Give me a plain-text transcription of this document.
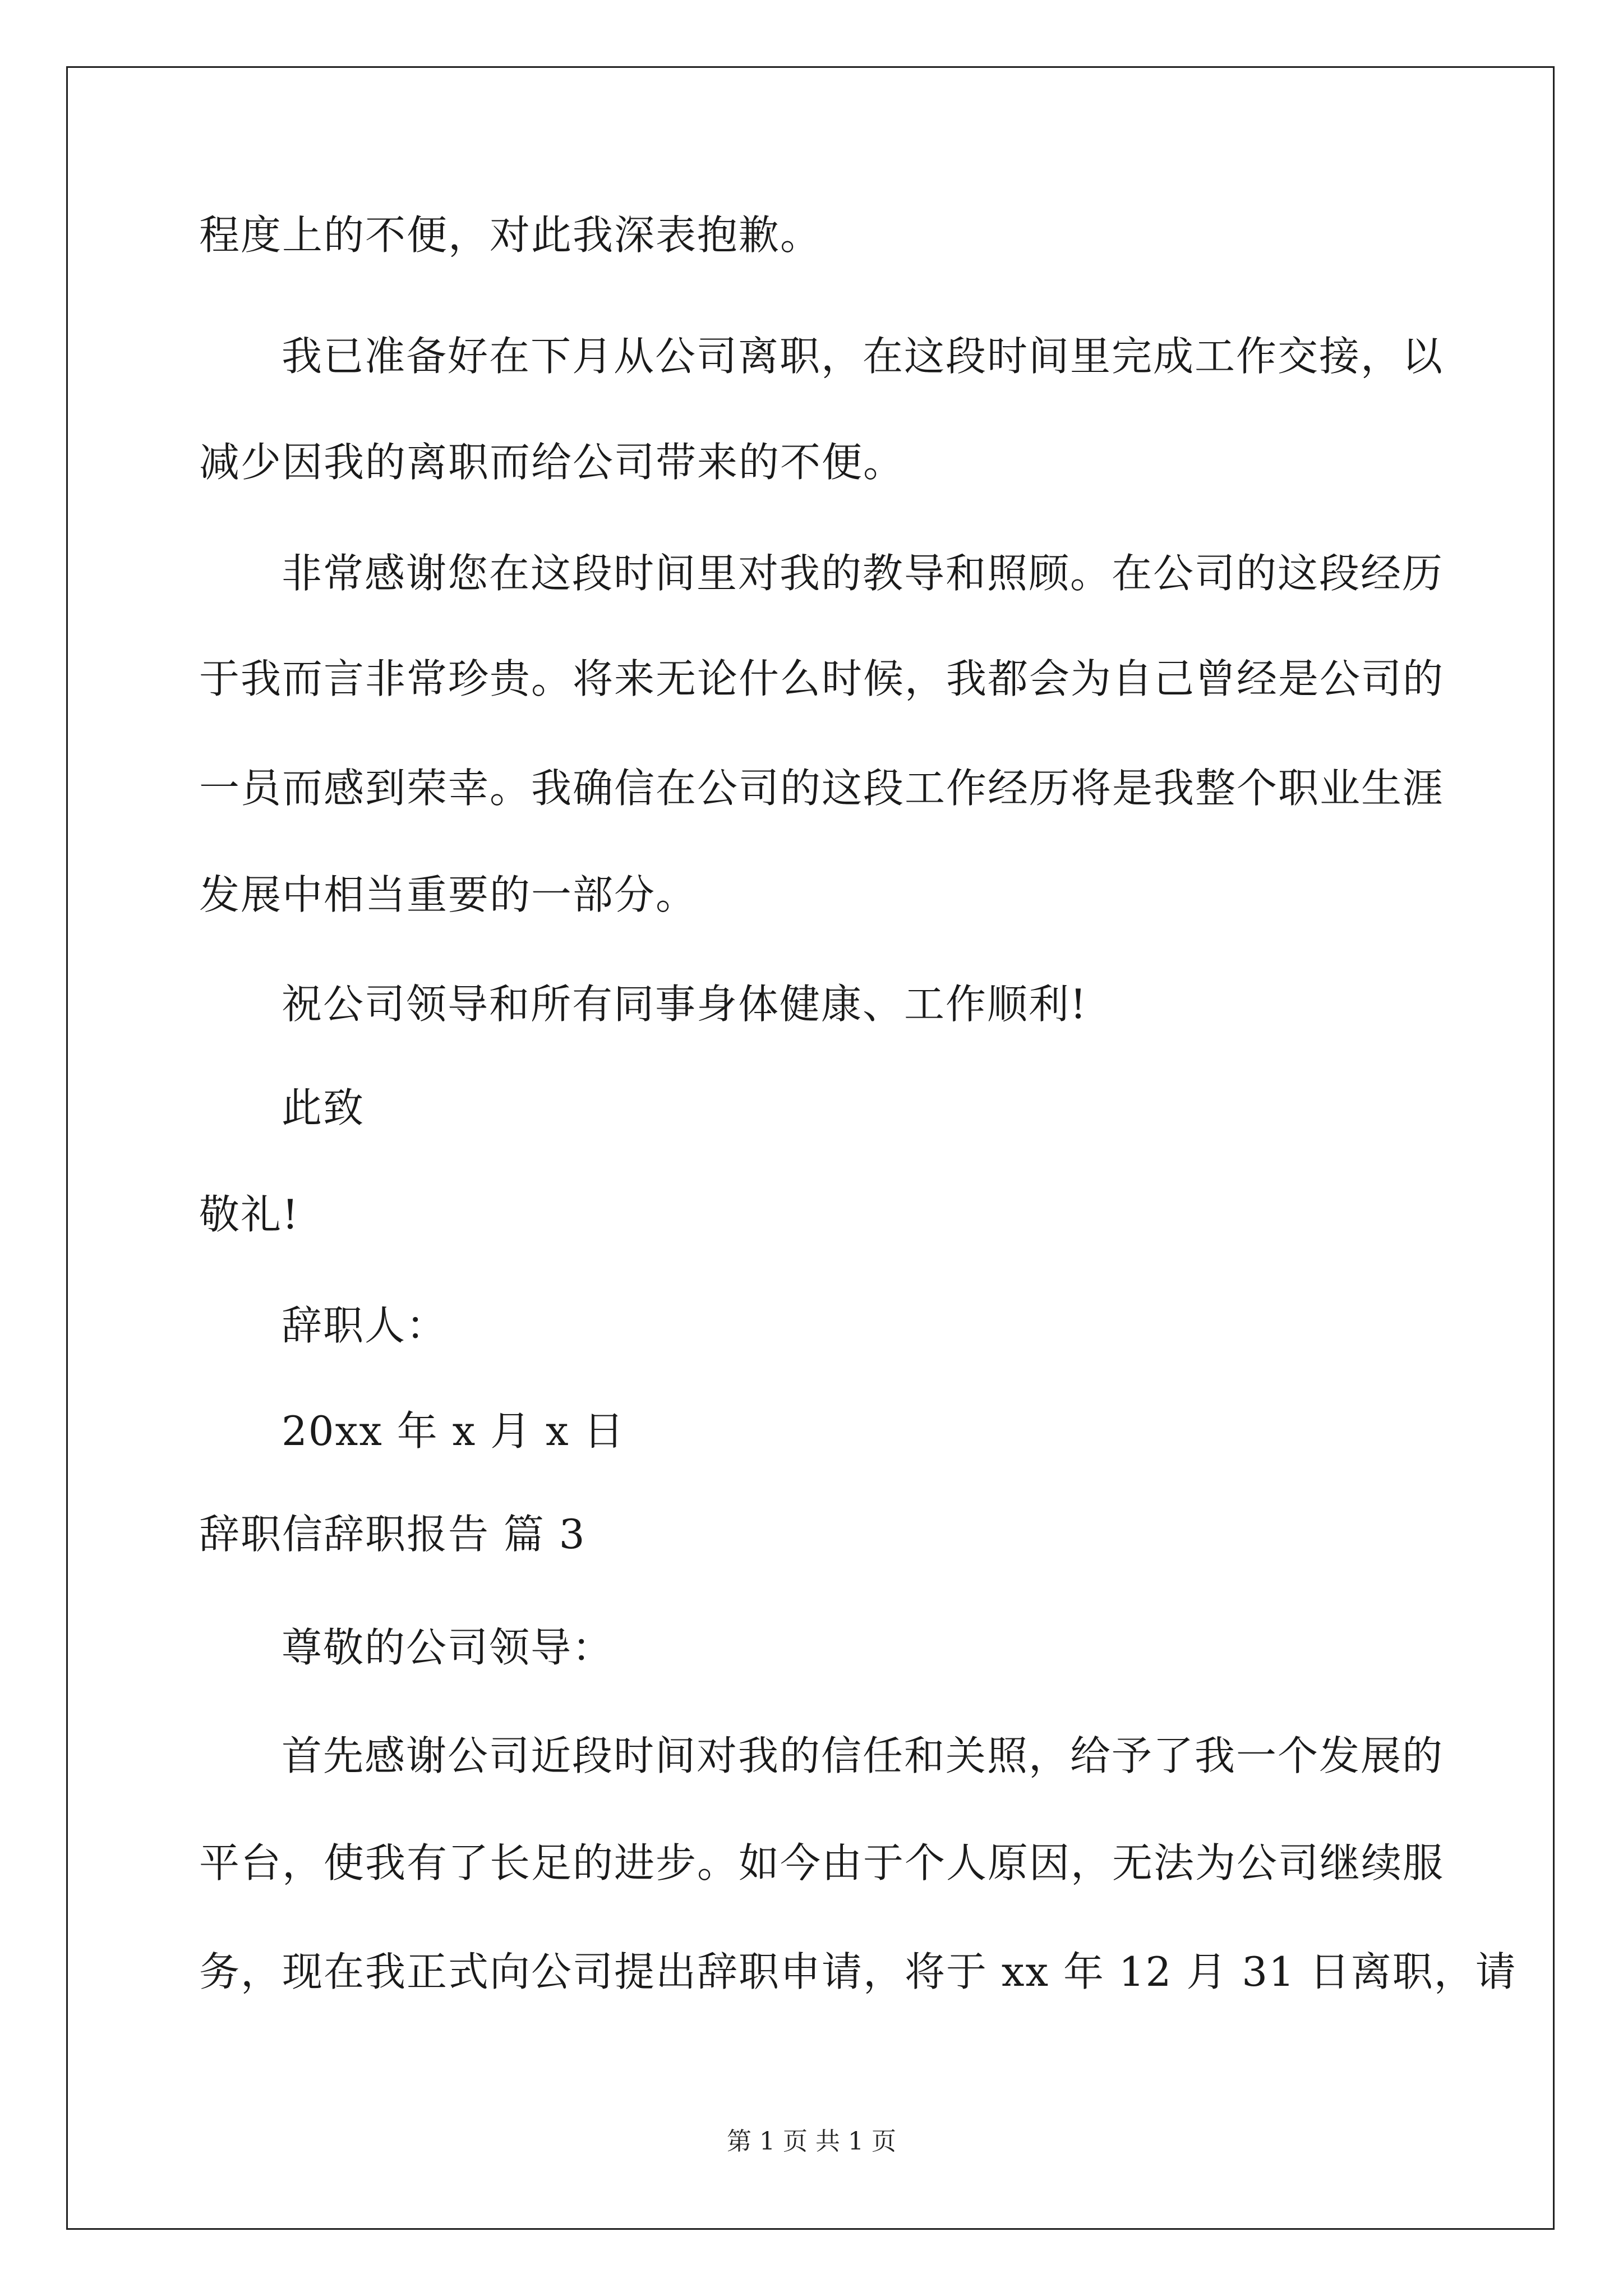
程度上的不便，对此我深表抱歉。
我已准备好在下月从公司离职，在这段时间里完成工作交接，以
减少因我的离职而给公司带来的不便。
非常感谢您在这段时间里对我的教导和照顾。在公司的这段经历
于我而言非常珍贵。将来无论什么时候，我都会为自己曾经是公司的
一员而感到荣幸。我确信在公司的这段工作经历将是我整个职业生涯
发展中相当重要的一部分。
祝公司领导和所有同事身体健康、工作顺利!
此致
敬礼!
辞职人：
20xx 年 x 月 x 日
辞职信辞职报告 篇 3
尊敬的公司领导：
首先感谢公司近段时间对我的信任和关照，给予了我一个发展的
平台，使我有了长足的进步。如今由于个人原因，无法为公司继续服
务，现在我正式向公司提出辞职申请，将于 xx 年 12 月 31 日离职，请
第 1 页 共 1 页
